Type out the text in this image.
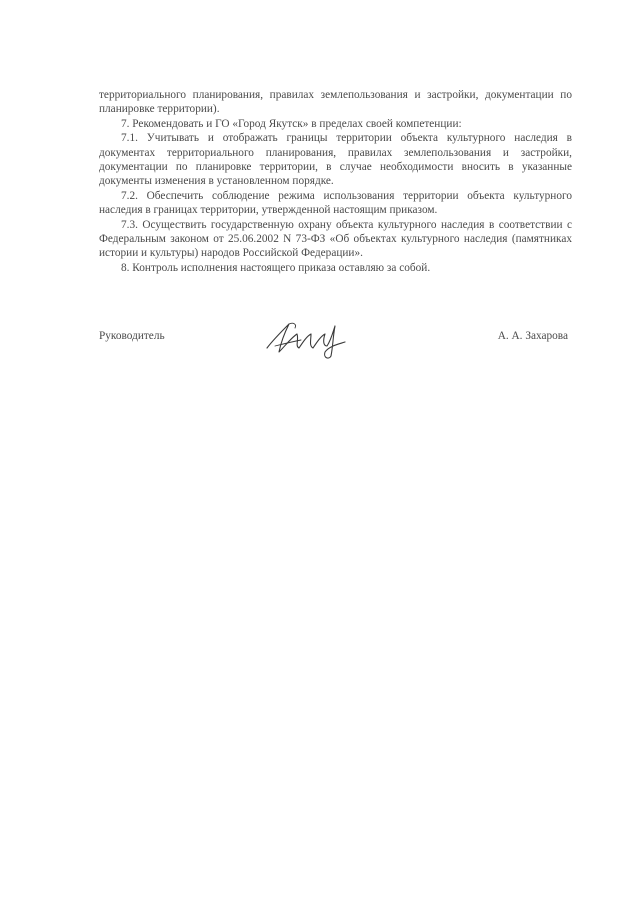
территориального планирования, правилах землепользования и застройки, документации по планировке территории).

7. Рекомендовать и ГО «Город Якутск» в пределах своей компетенции:

7.1. Учитывать и отображать границы территории объекта культурного наследия в документах территориального планирования, правилах землепользования и застройки, документации по планировке территории, в случае необходимости вносить в указанные документы изменения в установленном порядке.

7.2. Обеспечить соблюдение режима использования территории объекта культурного наследия в границах территории, утвержденной настоящим приказом.

7.3. Осуществить государственную охрану объекта культурного наследия в соответствии с Федеральным законом от 25.06.2002 N 73-ФЗ «Об объектах культурного наследия (памятниках истории и культуры) народов Российской Федерации».

8. Контроль исполнения настоящего приказа оставляю за собой.

Руководитель	А. А. Захарова
